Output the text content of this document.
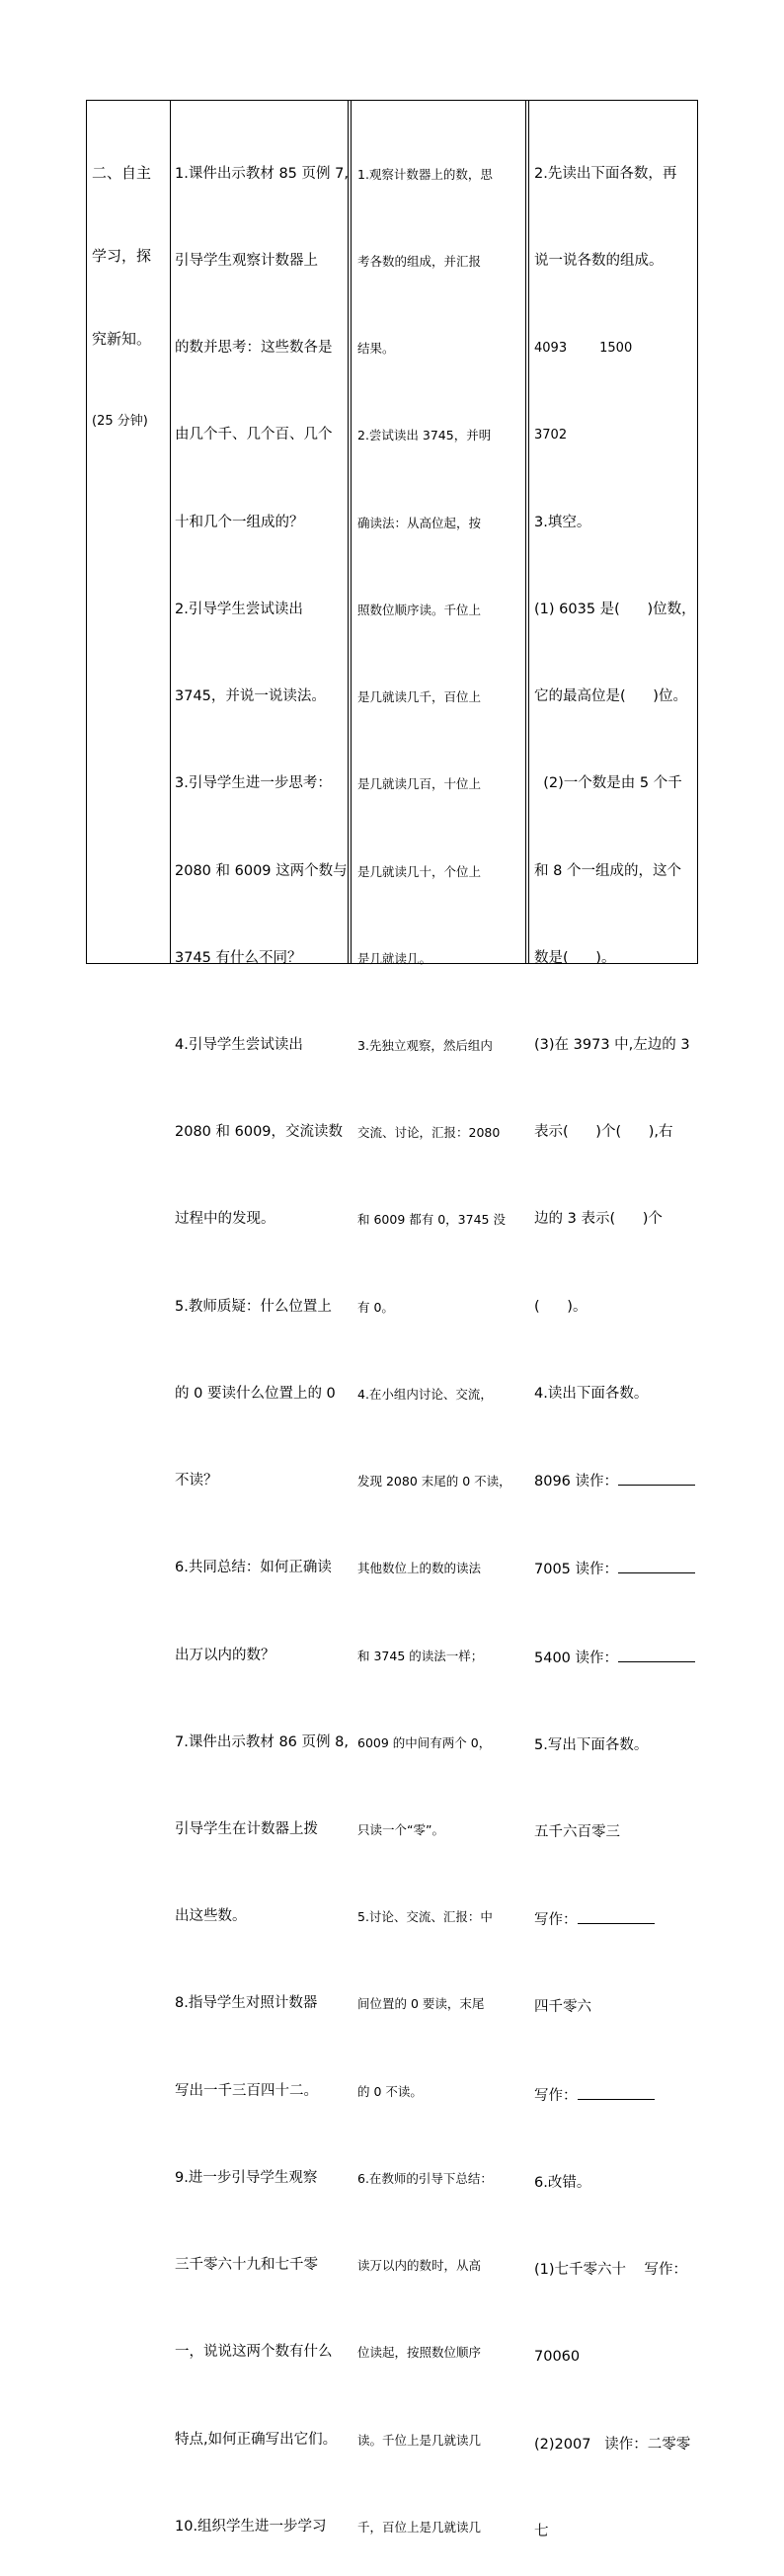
二、自主

学习，探

究新知。

(25 分钟)

1.课件出示教材 85 页例 7,

引导学生观察计数器上

的数并思考：这些数各是

由几个千、几个百、几个

十和几个一组成的？

2.引导学生尝试读出

3745，并说一说读法。

3.引导学生进一步思考：

2080 和 6009 这两个数与

3745 有什么不同？

4.引导学生尝试读出

2080 和 6009，交流读数

过程中的发现。

5.教师质疑：什么位置上

的 0 要读什么位置上的 0

不读？

6.共同总结：如何正确读

出万以内的数？

7.课件出示教材 86 页例 8,

引导学生在计数器上拨

出这些数。

8.指导学生对照计数器

写出一千三百四十二。

9.进一步引导学生观察

三千零六十九和七千零

一，说说这两个数有什么

特点,如何正确写出它们。

10.组织学生进一步学习

1.观察计数器上的数，思

考各数的组成，并汇报

结果。

2.尝试读出 3745，并明

确读法：从高位起，按

照数位顺序读。千位上

是几就读几千，百位上

是几就读几百，十位上

是几就读几十，个位上

是几就读几。

3.先独立观察，然后组内

交流、讨论，汇报：2080

和 6009 都有 0，3745 没

有 0。

4.在小组内讨论、交流，

发现 2080 末尾的 0 不读，

其他数位上的数的读法

和 3745 的读法一样；

6009 的中间有两个 0，

只读一个“零”。

5.讨论、交流、汇报：中

间位置的 0 要读，末尾

的 0 不读。

6.在教师的引导下总结：

读万以内的数时，从高

位读起，按照数位顺序

读。千位上是几就读几

千，百位上是几就读几

2.先读出下面各数，再

说一说各数的组成。

4093        1500

3702

3.填空。

(1) 6035 是(      )位数，

它的最高位是(      )位。

(2)一个数是由 5 个千

和 8 个一组成的，这个

数是(      )。

(3)在 3973 中,左边的 3

表示(      )个(      ),右

边的 3 表示(      )个

(      )。

4.读出下面各数。

8096 读作：

7005 读作：

5400 读作：

5.写出下面各数。

五千六百零三

写作：

四千零六

写作：

6.改错。

(1)七千零六十    写作：

70060

(2)2007   读作：二零零

七
